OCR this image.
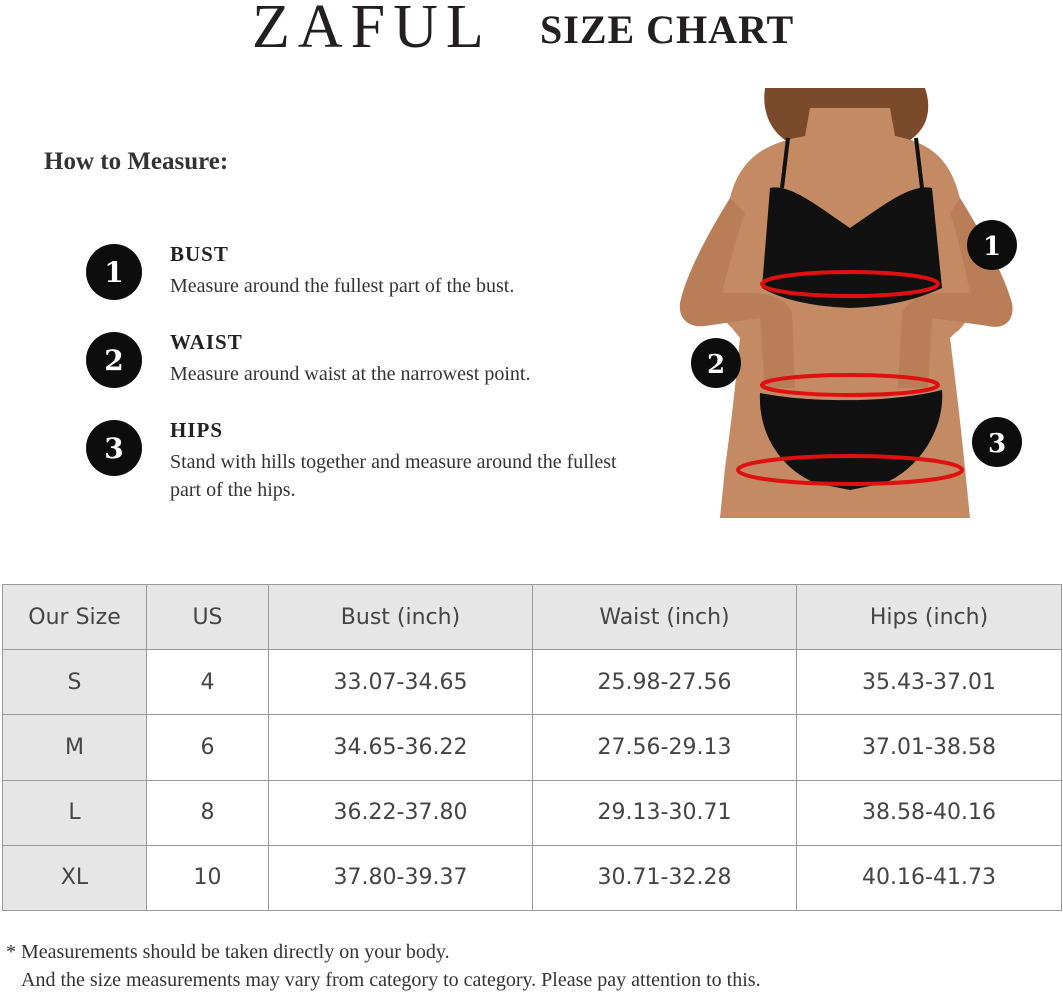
ZAFUL SIZE CHART
How to Measure:
1
BUST
Measure around the fullest part of the bust.
2
WAIST
Measure around waist at the narrowest point.
3
HIPS
Stand with hills together and measure around the fullest part of the hips.
1
2
3
Our Size	US	Bust (inch)	Waist (inch)	Hips (inch)
S	4	33.07-34.65	25.98-27.56	35.43-37.01
M	6	34.65-36.22	27.56-29.13	37.01-38.58
L	8	36.22-37.80	29.13-30.71	38.58-40.16
XL	10	37.80-39.37	30.71-32.28	40.16-41.73
* Measurements should be taken directly on your body.
And the size measurements may vary from category to category. Please pay attention to this.
